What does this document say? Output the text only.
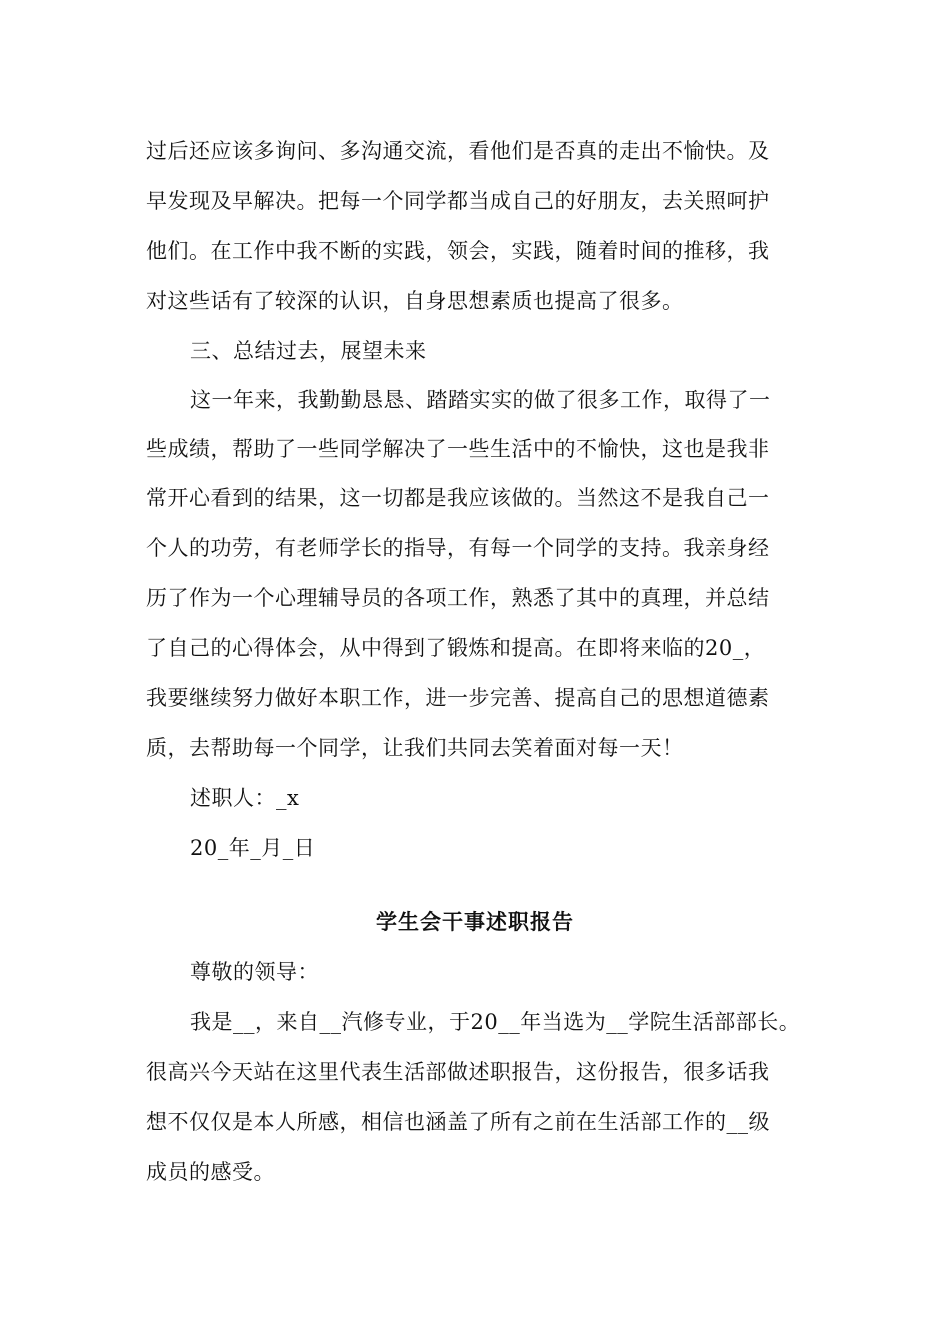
过后还应该多询问、多沟通交流，看他们是否真的走出不愉快。及
早发现及早解决。把每一个同学都当成自己的好朋友，去关照呵护
他们。在工作中我不断的实践，领会，实践，随着时间的推移，我
对这些话有了较深的认识，自身思想素质也提高了很多。
三、总结过去，展望未来
这一年来，我勤勤恳恳、踏踏实实的做了很多工作，取得了一
些成绩，帮助了一些同学解决了一些生活中的不愉快，这也是我非
常开心看到的结果，这一切都是我应该做的。当然这不是我自己一
个人的功劳，有老师学长的指导，有每一个同学的支持。我亲身经
历了作为一个心理辅导员的各项工作，熟悉了其中的真理，并总结
了自己的心得体会，从中得到了锻炼和提高。在即将来临的20_，
我要继续努力做好本职工作，进一步完善、提高自己的思想道德素
质，去帮助每一个同学，让我们共同去笑着面对每一天！
述职人：_x
20_年_月_日
学生会干事述职报告
尊敬的领导：
我是__，来自__汽修专业，于20__年当选为__学院生活部部长。
很高兴今天站在这里代表生活部做述职报告，这份报告，很多话我
想不仅仅是本人所感，相信也涵盖了所有之前在生活部工作的__级
成员的感受。
